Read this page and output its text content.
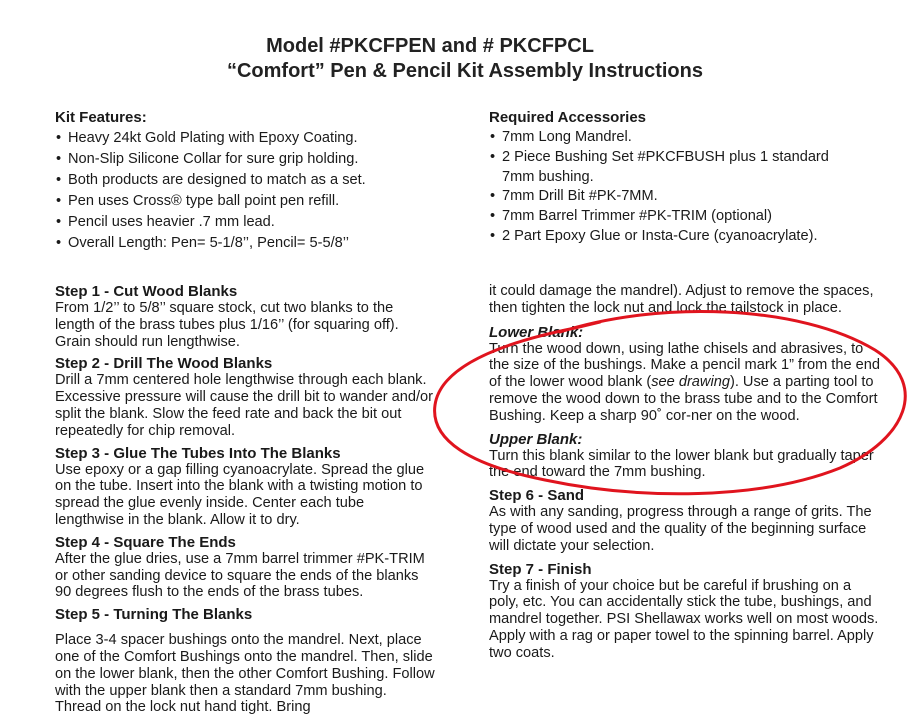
Model #PKCFPEN and # PKCFPCL
“Comfort” Pen & Pencil Kit Assembly Instructions
Kit Features:
• Heavy 24kt Gold Plating with Epoxy Coating.
• Non-Slip Silicone Collar for sure grip holding.
• Both products are designed to match as a set.
• Pen uses Cross® type ball point pen refill.
• Pencil uses heavier .7 mm lead.
• Overall Length: Pen= 5-1/8’’, Pencil= 5-5/8’’
Required Accessories
• 7mm Long Mandrel.
• 2 Piece Bushing Set #PKCFBUSH plus 1 standard 7mm bushing.
• 7mm Drill Bit #PK-7MM.
• 7mm Barrel Trimmer #PK-TRIM (optional)
• 2 Part Epoxy Glue or Insta-Cure (cyanoacrylate).
Step 1 - Cut Wood Blanks
From 1/2’’ to 5/8’’ square stock, cut two blanks to the length of the brass tubes plus 1/16’’ (for squaring off). Grain should run lengthwise.
Step 2 - Drill The Wood Blanks
Drill a 7mm centered hole lengthwise through each blank. Excessive pressure will cause the drill bit to wander and/or split the blank. Slow the feed rate and back the bit out repeatedly for chip removal.
Step 3 - Glue The Tubes Into The Blanks
Use epoxy or a gap filling cyanoacrylate. Spread the glue on the tube. Insert into the blank with a twisting motion to spread the glue evenly inside. Center each tube lengthwise in the blank. Allow it to dry.
Step 4 - Square The Ends
After the glue dries, use a 7mm barrel trimmer #PK-TRIM or other sanding device to square the ends of the blanks 90 degrees flush to the ends of the brass tubes.
Step 5 - Turning The Blanks
Place 3-4 spacer bushings onto the mandrel. Next, place one of the Comfort Bushings onto the mandrel. Then, slide on the lower blank, then the other Comfort Bushing. Follow with the upper blank then a standard 7mm bushing. Thread on the lock nut hand tight. Bring
it could damage the mandrel). Adjust to remove the spaces, then tighten the lock nut and lock the tailstock in place.
Lower Blank:
Turn the wood down, using lathe chisels and abrasives, to the size of the bushings. Make a pencil mark 1” from the end of the lower wood blank (see drawing). Use a parting tool to remove the wood down to the brass tube and to the Comfort Bushing. Keep a sharp 90˚ cor-ner on the wood.
Upper Blank:
Turn this blank similar to the lower blank but gradually taper the end toward the 7mm bushing.
Step 6 - Sand
As with any sanding, progress through a range of grits. The type of wood used and the quality of the beginning surface will dictate your selection.
Step 7 - Finish
Try a finish of your choice but be careful if brushing on a poly, etc. You can accidentally stick the tube, bushings, and mandrel together. PSI Shellawax works well on most woods. Apply with a rag or paper towel to the spinning barrel. Apply two coats.
